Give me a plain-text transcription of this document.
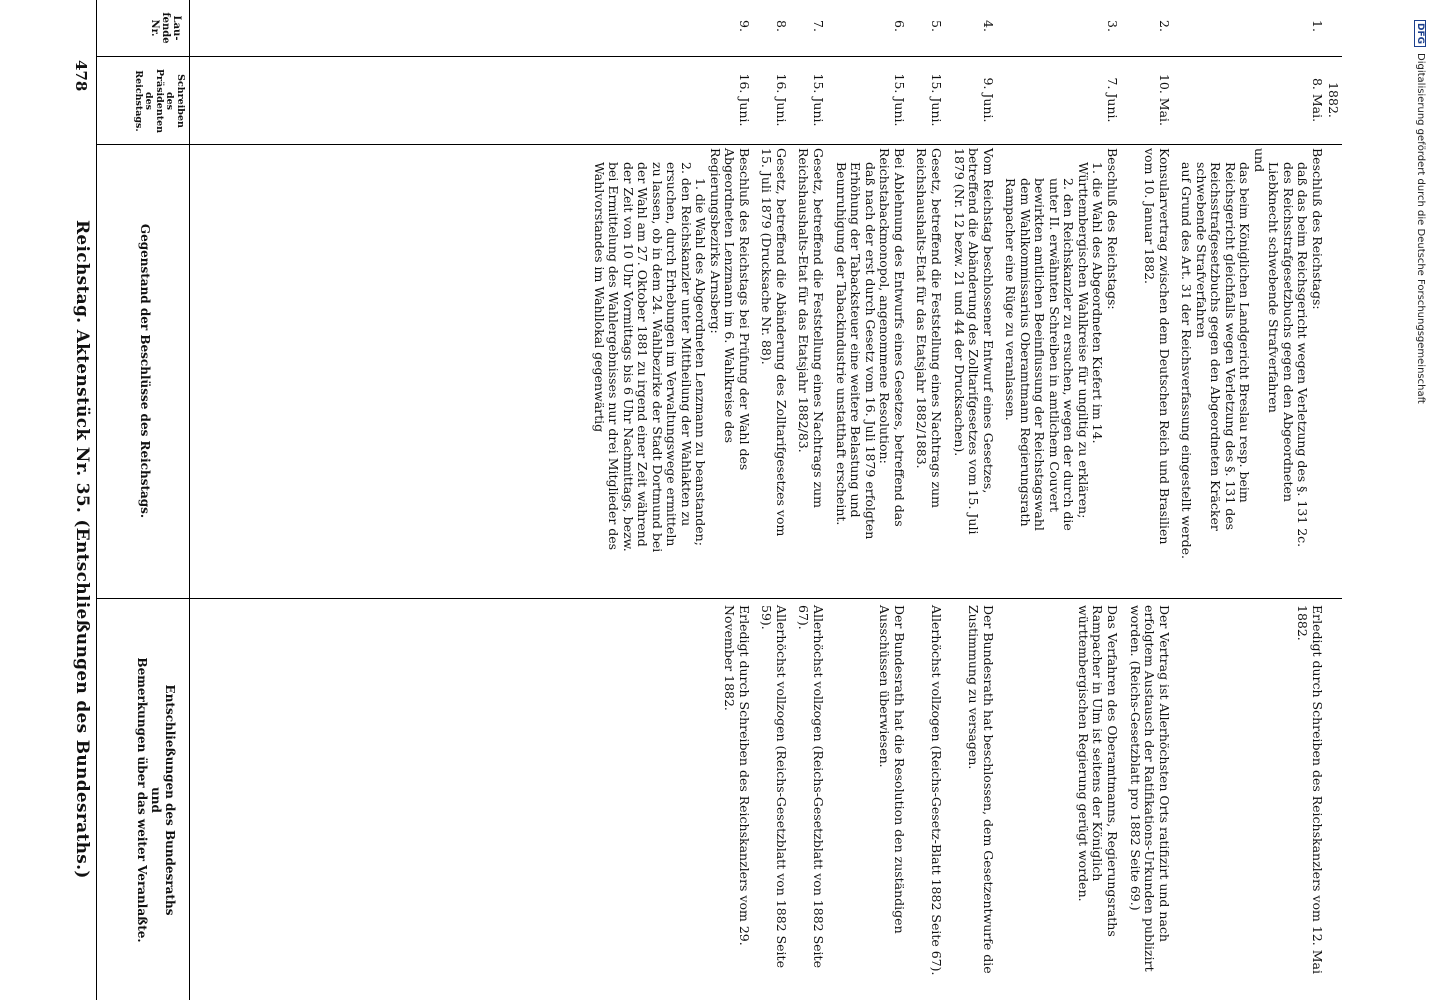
DFGDigitalisierung gefördert durch die Deutsche Forschungsgemeinschaft
478
Reichstag. Aktenstück Nr. 35. (Entschließungen des Bundesraths.)
Lau-
fende
Nr.
Schreiben
des
Präsidenten
des
Reichstags.
Gegenstand der Beschlüsse des Reichstags.
Entschließungen des Bundesraths
und
Bemerkungen über das weiter Veranlaßte.
1882.
1.
8. Mai.

Beschluß des Reichstags:

daß das beim Reichsgericht wegen Verletzung des §. 131 2c. des Reichsstrafgesetzbuchs gegen den Abgeordneten Liebknecht schwebende Strafverfahren

und

das beim Königlichen Landgericht Breslau resp. beim Reichsgericht gleichfalls wegen Verletzung des §. 131 des Reichsstrafgesetzbuchs gegen den Abgeordneten Kräcker schwebende Strafverfahren

auf Grund des Art. 31 der Reichsverfassung eingestellt werde.

Erledigt durch Schreiben des Reichskanzlers vom 12. Mai 1882.
2.
10. Mai.

Konsularvertrag zwischen dem Deutschen Reich und Brasilien vom 10. Januar 1882.

Der Vertrag ist Allerhöchsten Orts ratifizirt und nach erfolgtem Austausch der Ratifikations-Urkunden publizirt worden. (Reichs-Gesetzblatt pro 1882 Seite 69.)
3.
7. Juni.

Beschluß des Reichstags:

1. die Wahl des Abgeordneten Kiefert im 14. Württembergischen Wahlkreise für ungiltig zu erklären;

2. den Reichskanzler zu ersuchen, wegen der durch die unter II. erwähnten Schreiben in amtlichem Couvert bewirkten amtlichen Beeinflussung der Reichstagswahl dem Wahlkommissarius Oberamtmann Regierungsrath Rampacher eine Rüge zu veranlassen.

Das Verfahren des Oberamtmanns, Regierungsraths Rampacher in Ulm ist seitens der Königlich württembergischen Regierung gerügt worden.
4.
9. Juni.

Vom Reichstag beschlossener Entwurf eines Gesetzes, betreffend die Abänderung des Zolltarifgesetzes vom 15. Juli 1879 (Nr. 12 bezw. 21 und 44 der Drucksachen).

Der Bundesrath hat beschlossen, dem Gesetzentwurfe die Zustimmung zu versagen.
5.
15. Juni.

Gesetz, betreffend die Feststellung eines Nachtrags zum Reichshaushalts-Etat für das Etatsjahr 1882/1883.

Allerhöchst vollzogen (Reichs-Gesetz-Blatt 1882 Seite 67).
6.
15. Juni.

Bei Ablehnung des Entwurfs eines Gesetzes, betreffend das Reichstabackmonopol, angenommene Resolution:

daß nach der erst durch Gesetz vom 16. Juli 1879 erfolgten Erhöhung der Tabacksteuer eine weitere Belastung und Beunruhigung der Tabackindustrie unstatthaft erscheint.

Der Bundesrath hat die Resolution den zuständigen Ausschüssen überwiesen.
7.
15. Juni.

Gesetz, betreffend die Feststellung eines Nachtrags zum Reichshaushalts-Etat für das Etatsjahr 1882/83.

Allerhöchst vollzogen (Reichs-Gesetzblatt von 1882 Seite 67).
8.
16. Juni.

Gesetz, betreffend die Abänderung des Zolltarifgesetzes vom 15. Juli 1879 (Drucksache Nr. 88).

Allerhöchst vollzogen (Reichs-Gesetzblatt von 1882 Seite 59).
9.
16. Juni.

Beschluß des Reichstags bei Prüfung der Wahl des Abgeordneten Lenzmann im 6. Wahlkreise des Regierungsbezirks Arnsberg:

1. die Wahl des Abgeordneten Lenzmann zu beanstanden;

2. den Reichskanzler unter Mittheilung der Wahlakten zu ersuchen, durch Erhebungen im Verwaltungswege ermitteln zu lassen, ob in dem 24. Wahlbezirke der Stadt Dortmund bei der Wahl am 27. Oktober 1881 zu irgend einer Zeit während der Zeit von 10 Uhr Vormittags bis 6 Uhr Nachmittags, bezw. bei Ermittelung des Wahlergebnisses nur drei Mitglieder des Wahlvorstandes im Wahllokal gegenwärtig

Erledigt durch Schreiben des Reichskanzlers vom 29. November 1882.
